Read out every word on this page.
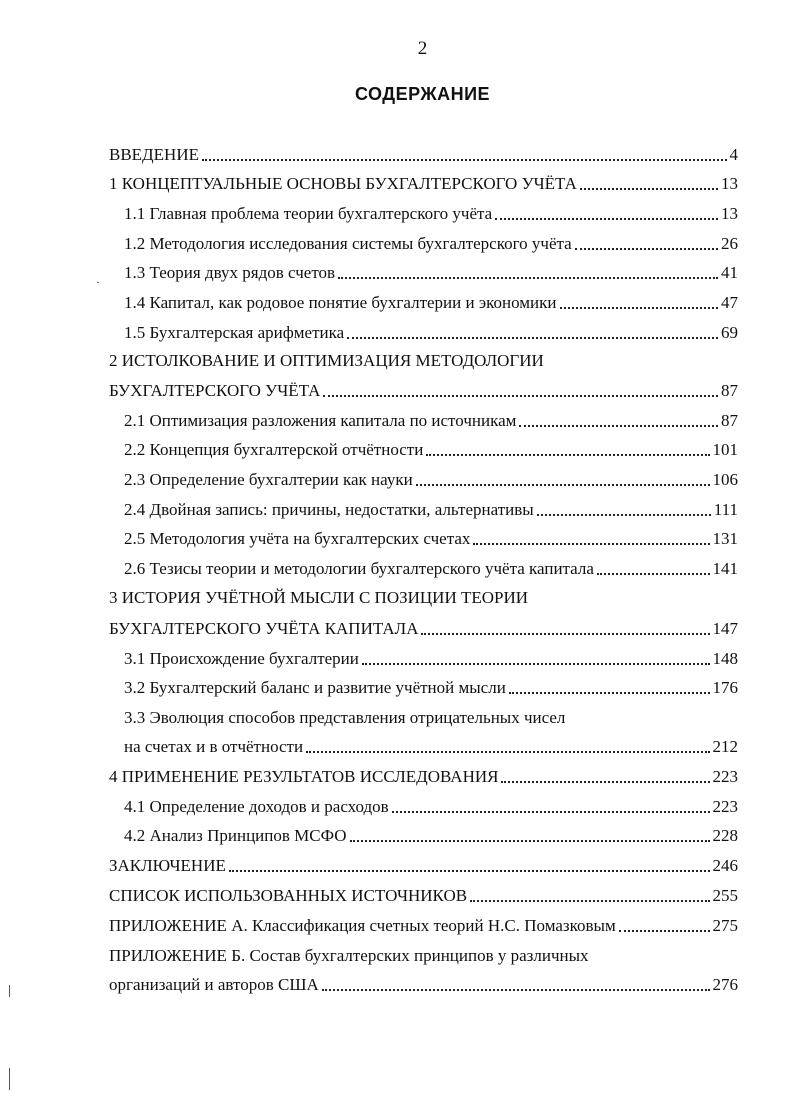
2
СОДЕРЖАНИЕ
ВВЕДЕНИЕ	4
1 КОНЦЕПТУАЛЬНЫЕ ОСНОВЫ БУХГАЛТЕРСКОГО УЧЁТА	13
1.1 Главная проблема теории бухгалтерского учёта	13
1.2 Методология исследования системы бухгалтерского учёта	26
1.3 Теория двух рядов счетов	41
1.4 Капитал, как родовое понятие бухгалтерии и экономики	47
1.5 Бухгалтерская арифметика	69
2 ИСТОЛКОВАНИЕ И ОПТИМИЗАЦИЯ МЕТОДОЛОГИИ
БУХГАЛТЕРСКОГО УЧЁТА	87
2.1 Оптимизация разложения капитала по источникам	87
2.2 Концепция бухгалтерской отчётности	101
2.3 Определение бухгалтерии как науки	106
2.4 Двойная запись: причины, недостатки, альтернативы	111
2.5 Методология учёта на бухгалтерских счетах	131
2.6 Тезисы теории и методологии бухгалтерского учёта капитала	141
3 ИСТОРИЯ УЧЁТНОЙ МЫСЛИ С ПОЗИЦИИ ТЕОРИИ
БУХГАЛТЕРСКОГО УЧЁТА КАПИТАЛА	147
3.1 Происхождение бухгалтерии	148
3.2 Бухгалтерский баланс и развитие учётной мысли	176
3.3 Эволюция способов представления отрицательных чисел
на счетах и в отчётности	212
4 ПРИМЕНЕНИЕ РЕЗУЛЬТАТОВ ИССЛЕДОВАНИЯ	223
4.1 Определение доходов и расходов	223
4.2 Анализ Принципов МСФО	228
ЗАКЛЮЧЕНИЕ	246
СПИСОК ИСПОЛЬЗОВАННЫХ ИСТОЧНИКОВ	255
ПРИЛОЖЕНИЕ А. Классификация счетных теорий Н.С. Помазковым	275
ПРИЛОЖЕНИЕ Б. Состав бухгалтерских принципов у различных
организаций и авторов США	276
·
